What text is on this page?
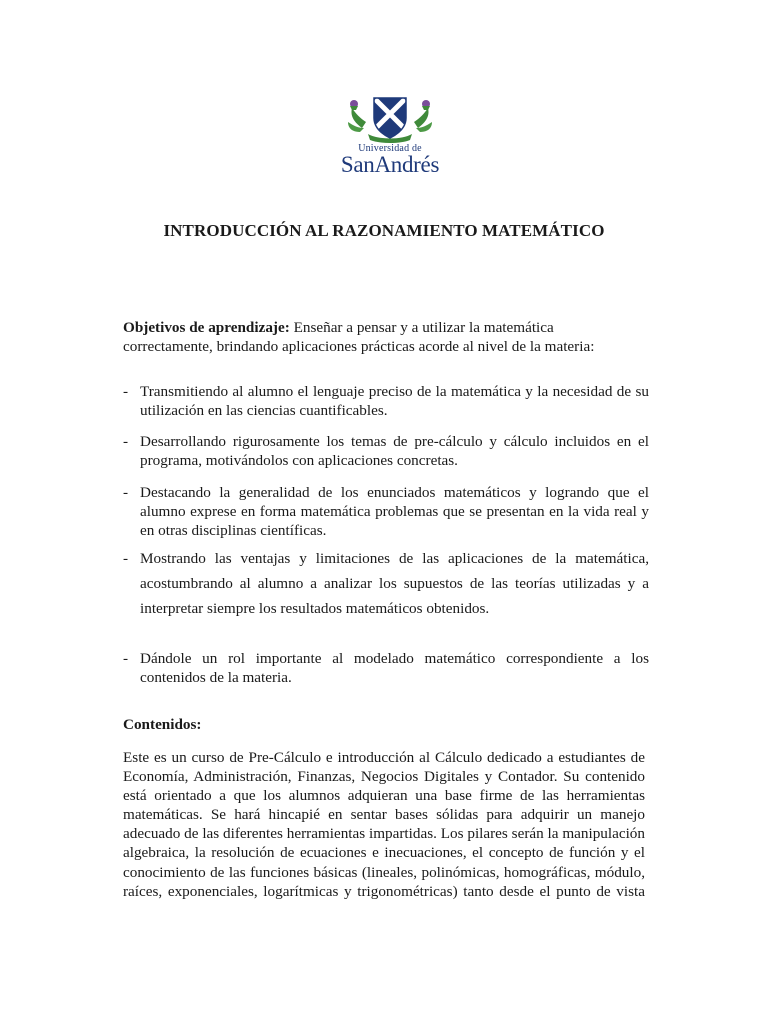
Universidad de
SanAndrés
INTRODUCCIÓN AL RAZONAMIENTO MATEMÁTICO
Objetivos de aprendizaje: Enseñar a pensar y a utilizar la matemática correctamente, brindando aplicaciones prácticas acorde al nivel de la materia:
- Transmitiendo al alumno el lenguaje preciso de la matemática y la necesidad de su utilización en las ciencias cuantificables.
- Desarrollando rigurosamente los temas de pre-cálculo y cálculo incluidos en el programa, motivándolos con aplicaciones concretas.
- Destacando la generalidad de los enunciados matemáticos y logrando que el alumno exprese en forma matemática problemas que se presentan en la vida real y en otras disciplinas científicas.
- Mostrando las ventajas y limitaciones de las aplicaciones de la matemática, acostumbrando al alumno a analizar los supuestos de las teorías utilizadas y a interpretar siempre los resultados matemáticos obtenidos.
- Dándole un rol importante al modelado matemático correspondiente a los contenidos de la materia.
Contenidos:
Este es un curso de Pre-Cálculo e introducción al Cálculo dedicado a estudiantes de Economía, Administración, Finanzas, Negocios Digitales y Contador. Su contenido está orientado a que los alumnos adquieran una base firme de las herramientas matemáticas. Se hará hincapié en sentar bases sólidas para adquirir un manejo adecuado de las diferentes herramientas impartidas. Los pilares serán la manipulación algebraica, la resolución de ecuaciones e inecuaciones, el concepto de función y el conocimiento de las funciones básicas (lineales, polinómicas, homográficas, módulo, raíces, exponenciales, logarítmicas y trigonométricas) tanto desde el punto de vista
